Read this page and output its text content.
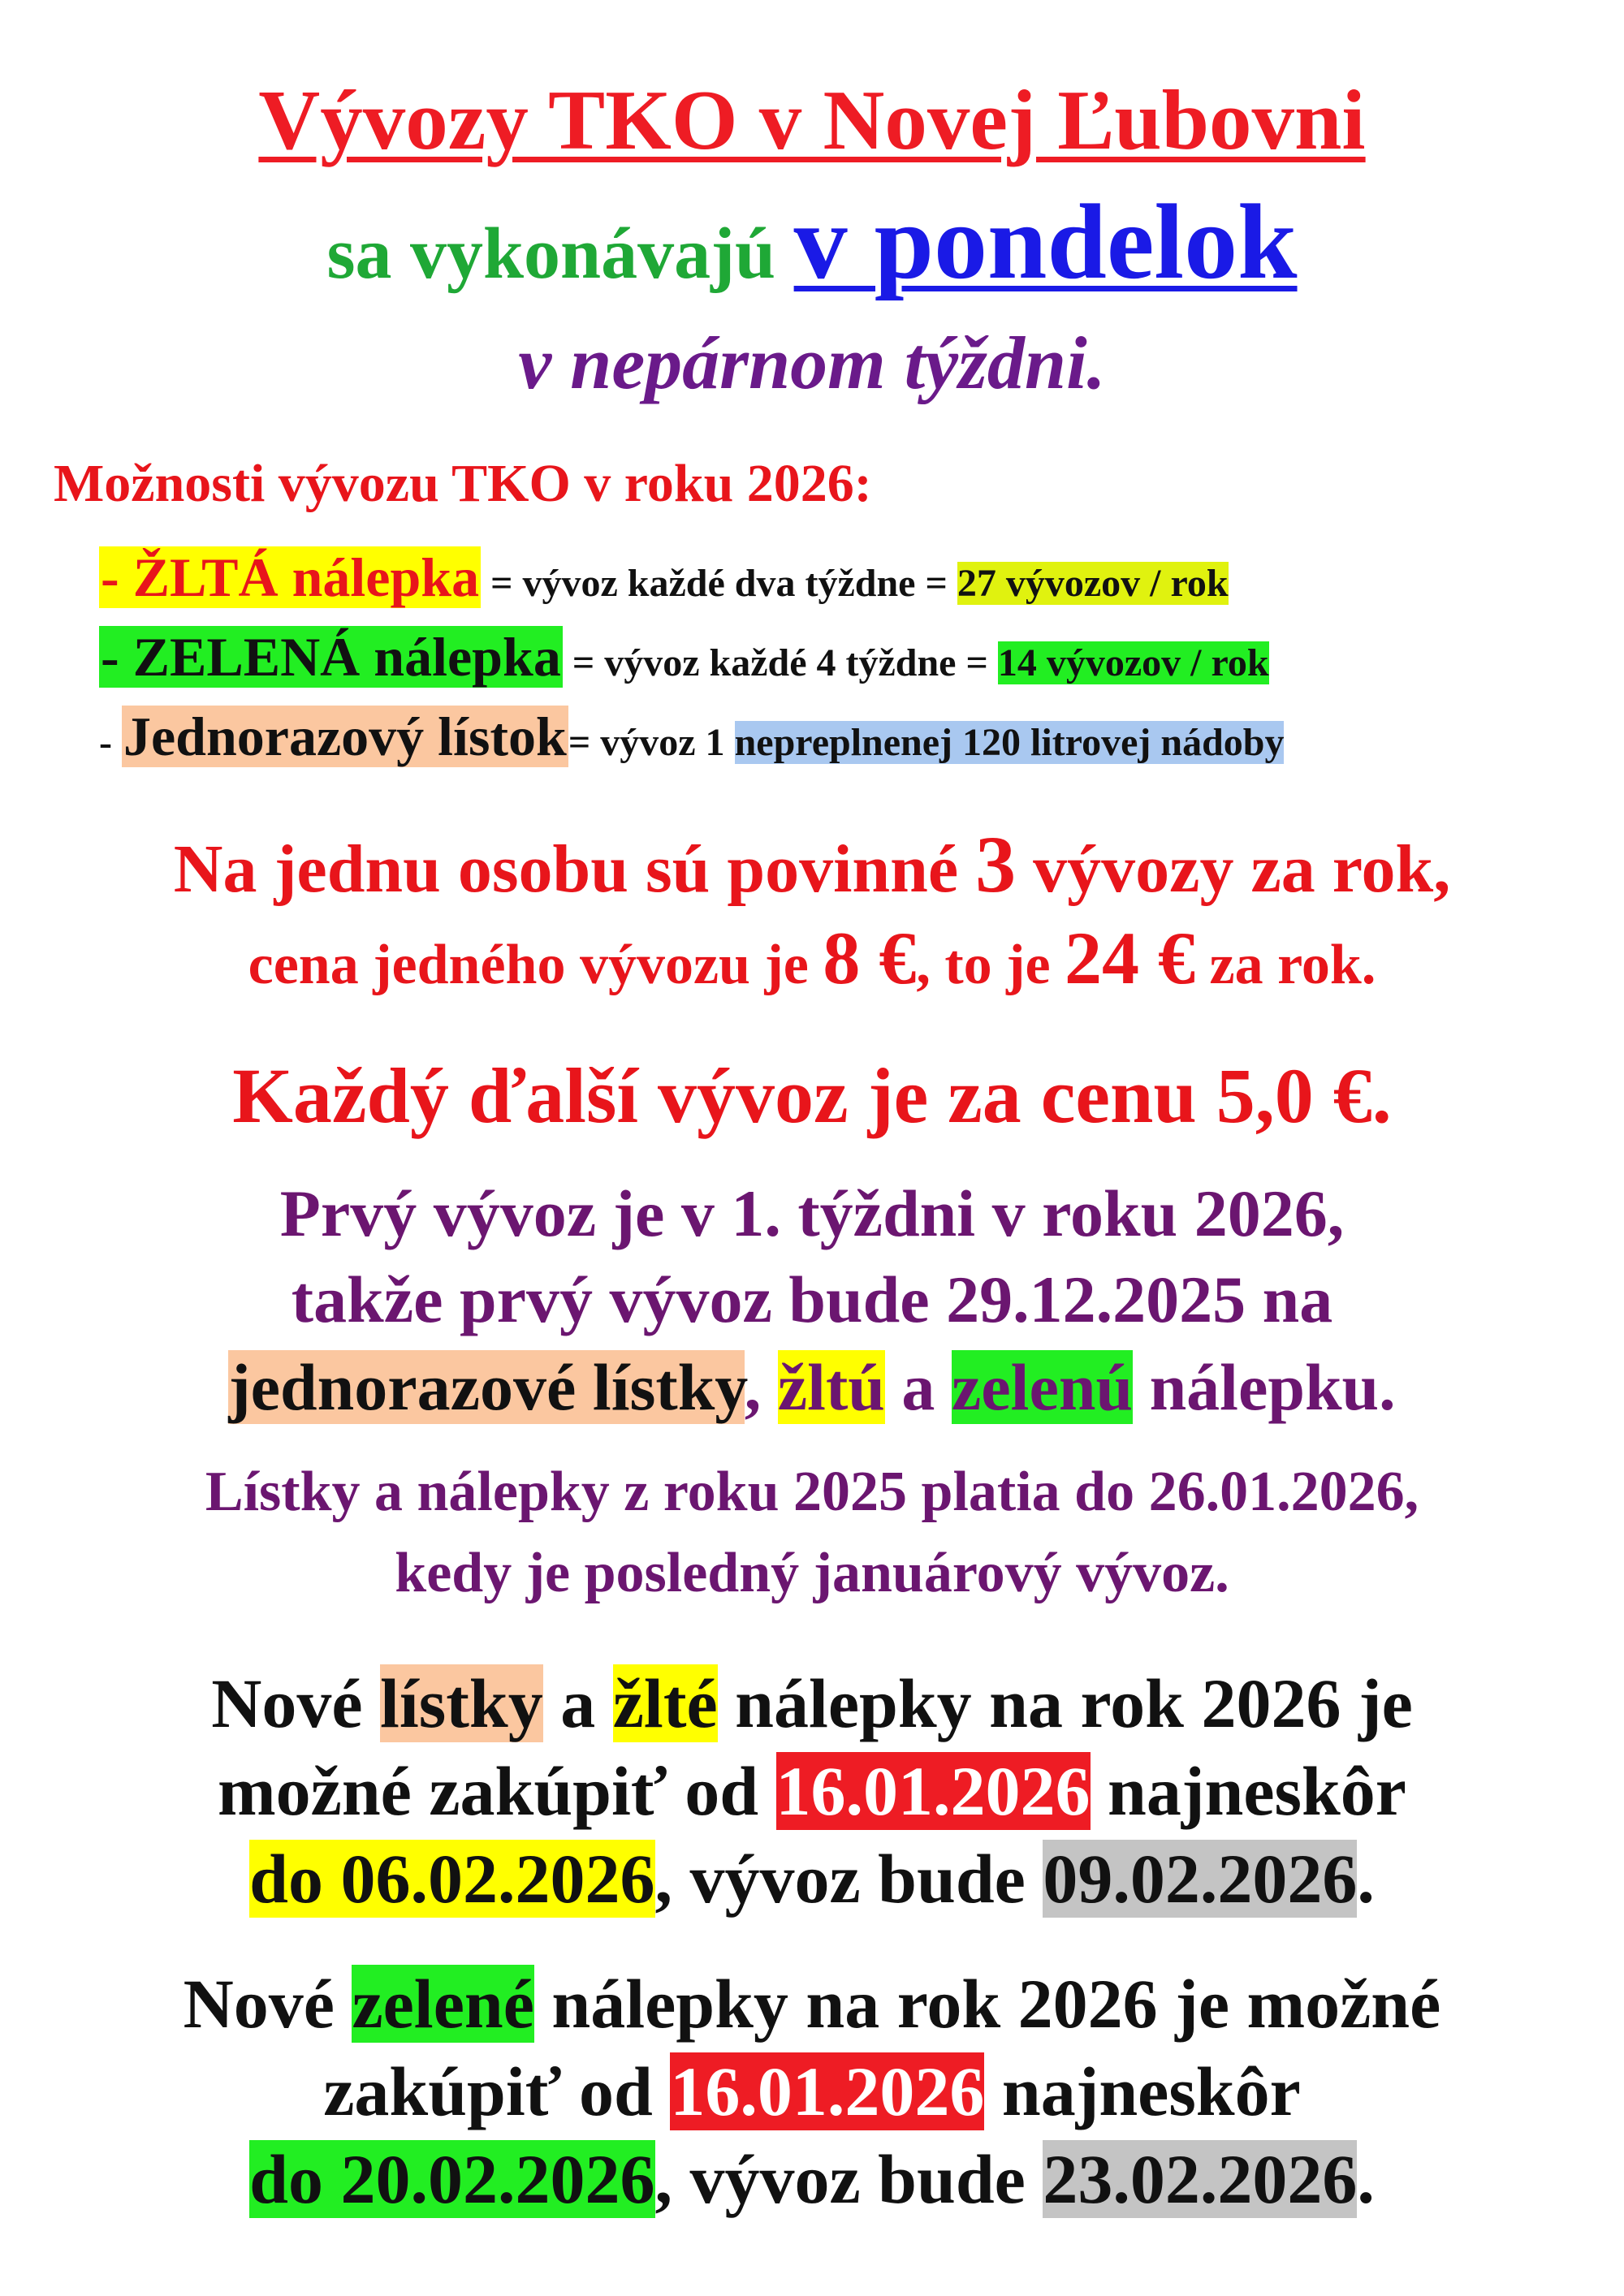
Vývozy TKO v Novej Ľubovni
sa vykonávajú v pondelok
v nepárnom týždni.
Možnosti vývozu TKO v roku 2026:
- ŽLTÁ nálepka = vývoz každé dva týždne = 27 vývozov / rok
- ZELENÁ nálepka = vývoz každé 4 týždne = 14 vývozov / rok
- Jednorazový lístok= vývoz 1 nepreplnenej 120 litrovej nádoby
Na jednu osobu sú povinné 3 vývozy za rok,
cena jedného vývozu je 8 €, to je 24 € za rok.
Každý ďalší vývoz je za cenu 5,0 €.
Prvý vývoz je v 1. týždni v roku 2026,
takže prvý vývoz bude 29.12.2025 na
jednorazové lístky, žltú a zelenú nálepku.
Lístky a nálepky z roku 2025 platia do 26.01.2026,
kedy je posledný januárový vývoz.
Nové lístky a žlté nálepky na rok 2026 je
možné zakúpiť od 16.01.2026 najneskôr
do 06.02.2026, vývoz bude 09.02.2026.
Nové zelené nálepky na rok 2026 je možné
zakúpiť od 16.01.2026 najneskôr
do 20.02.2026, vývoz bude 23.02.2026.
